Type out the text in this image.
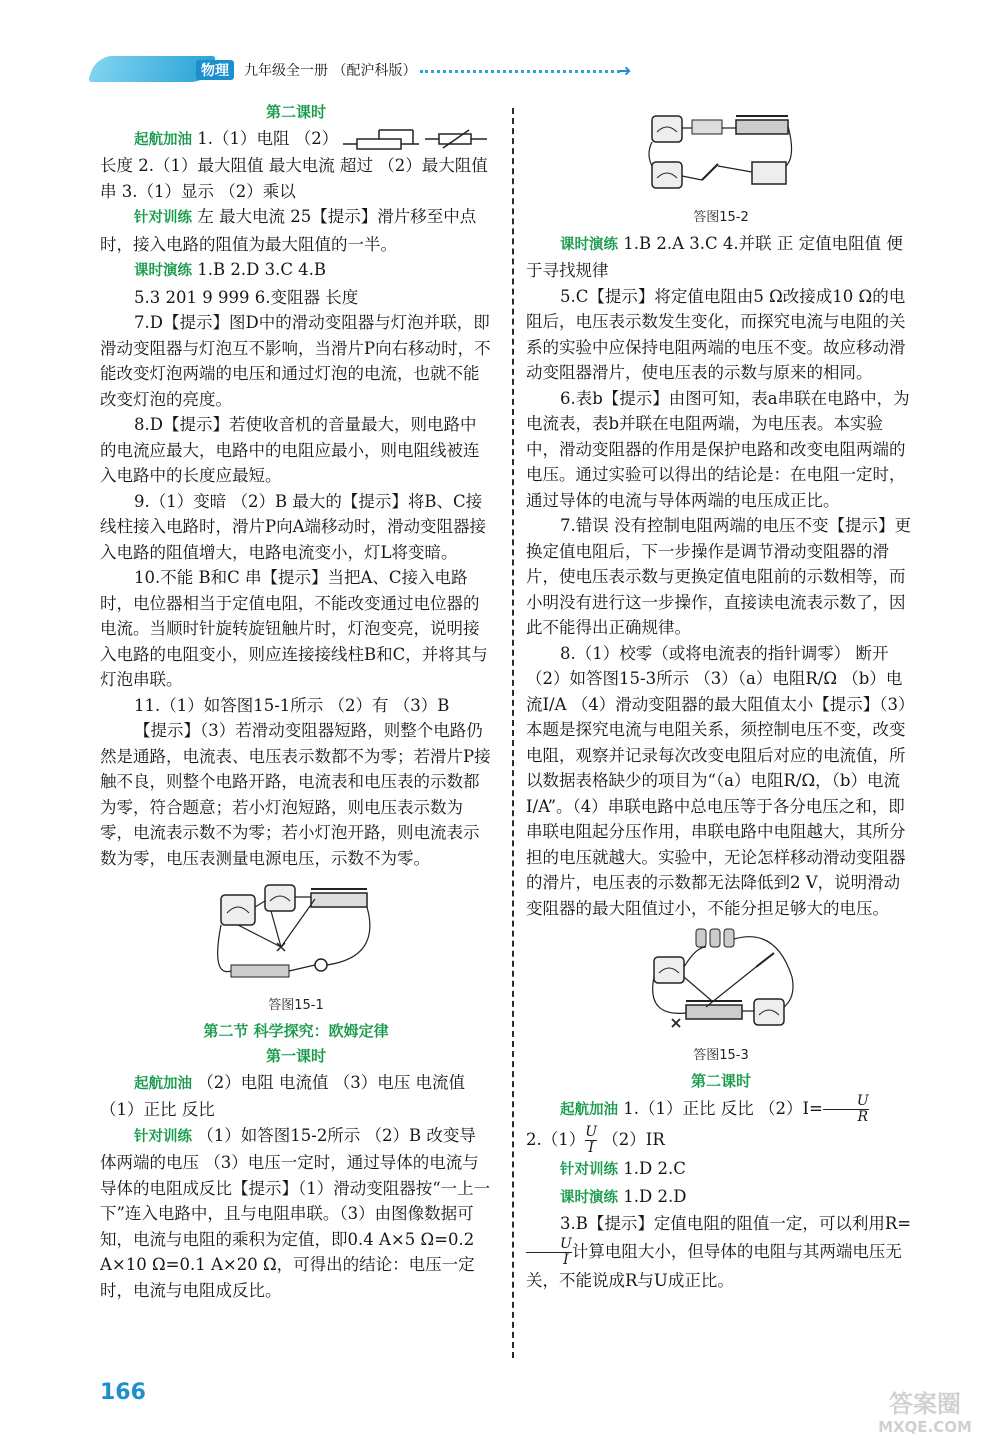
物理	九年级全一册 （配沪科版）	➜

第二课时

起航加油 1.（1）电阻 （2）   长度 2.（1）最大阻值 最大电流 超过 （2）最大阻值 串 3.（1）显示 （2）乘以

针对训练 左 最大电流 25【提示】滑片移至中点时，接入电路的阻值为最大阻值的一半。

课时演练 1.B 2.D 3.C 4.B

5.3 201 9 999 6.变阻器 长度

7.D【提示】图D中的滑动变阻器与灯泡并联，即滑动变阻器与灯泡互不影响，当滑片P向右移动时，不能改变灯泡两端的电压和通过灯泡的电流，也就不能改变灯泡的亮度。

8.D【提示】若使收音机的音量最大，则电路中的电流应最大，电路中的电阻应最小，则电阻线被连入电路中的长度应最短。

9.（1）变暗 （2）B 最大的【提示】将B、C接线柱接入电路时，滑片P向A端移动时，滑动变阻器接入电路的阻值增大，电路电流变小，灯L将变暗。

10.不能 B和C 串【提示】当把A、C接入电路时，电位器相当于定值电阻，不能改变通过电位器的电流。当顺时针旋转旋钮触片时，灯泡变亮，说明接入电路的电阻变小，则应连接接线柱B和C，并将其与灯泡串联。

11.（1）如答图15-1所示 （2）有 （3）B

【提示】（3）若滑动变阻器短路，则整个电路仍然是通路，电流表、电压表示数都不为零；若滑片P接触不良，则整个电路开路，电流表和电压表的示数都为零，符合题意；若小灯泡短路，则电压表示数为零，电流表示数不为零；若小灯泡开路，则电流表示数为零，电压表测量电源电压，示数不为零。

答图15-1

第二节 科学探究：欧姆定律

第一课时

起航加油 （2）电阻 电流值 （3）电压 电流值 （1）正比 反比

针对训练 （1）如答图15-2所示 （2）B 改变导体两端的电压 （3）电压一定时，通过导体的电流与导体的电阻成反比【提示】（1）滑动变阻器按“一上一下”连入电路中，且与电阻串联。（3）由图像数据可知，电流与电阻的乘积为定值，即0.4 A×5 Ω=0.2 A×10 Ω=0.1 A×20 Ω，可得出的结论：电压一定时，电流与电阻成反比。

答图15-2

课时演练 1.B 2.A 3.C 4.并联 正 定值电阻值 便于寻找规律

5.C【提示】将定值电阻由5 Ω改接成10 Ω的电阻后，电压表示数发生变化，而探究电流与电阻的关系的实验中应保持电阻两端的电压不变。故应移动滑动变阻器滑片，使电压表的示数与原来的相同。

6.表b【提示】由图可知，表a串联在电路中，为电流表，表b并联在电阻两端，为电压表。本实验中，滑动变阻器的作用是保护电路和改变电阻两端的电压。通过实验可以得出的结论是：在电阻一定时，通过导体的电流与导体两端的电压成正比。

7.错误 没有控制电阻两端的电压不变【提示】更换定值电阻后，下一步操作是调节滑动变阻器的滑片，使电压表示数与更换定值电阻前的示数相等，而小明没有进行这一步操作，直接读电流表示数了，因此不能得出正确规律。

8.（1）校零（或将电流表的指针调零） 断开 （2）如答图15-3所示 （3）（a）电阻R/Ω （b）电流I/A （4）滑动变阻器的最大阻值太小【提示】（3）本题是探究电流与电阻关系，须控制电压不变，改变电阻，观察并记录每次改变电阻后对应的电流值，所以数据表格缺少的项目为“（a）电阻R/Ω，（b）电流I/A”。（4）串联电路中总电压等于各分电压之和，即串联电阻起分压作用，串联电路中电阻越大，其所分担的电压就越大。实验中，无论怎样移动滑动变阻器的滑片，电压表的示数都无法降低到2 V，说明滑动变阻器的最大阻值过小，不能分担足够大的电压。

答图15-3

第二课时

起航加油 1.（1）正比 反比 $(2)I= \frac{U}{R}$

$2.(1) \frac{U}{I} (2)IR$

针对训练 1.D 2.C

课时演练 1.D 2.D

3.B【提示】定值电阻的阻值一定，可以利用R=
$\frac{U}{I}$ 计算电阻大小，但导体的电阻与其两端电压无关，不能说成R与U成正比。

166	答案圈
MXQE.COM
